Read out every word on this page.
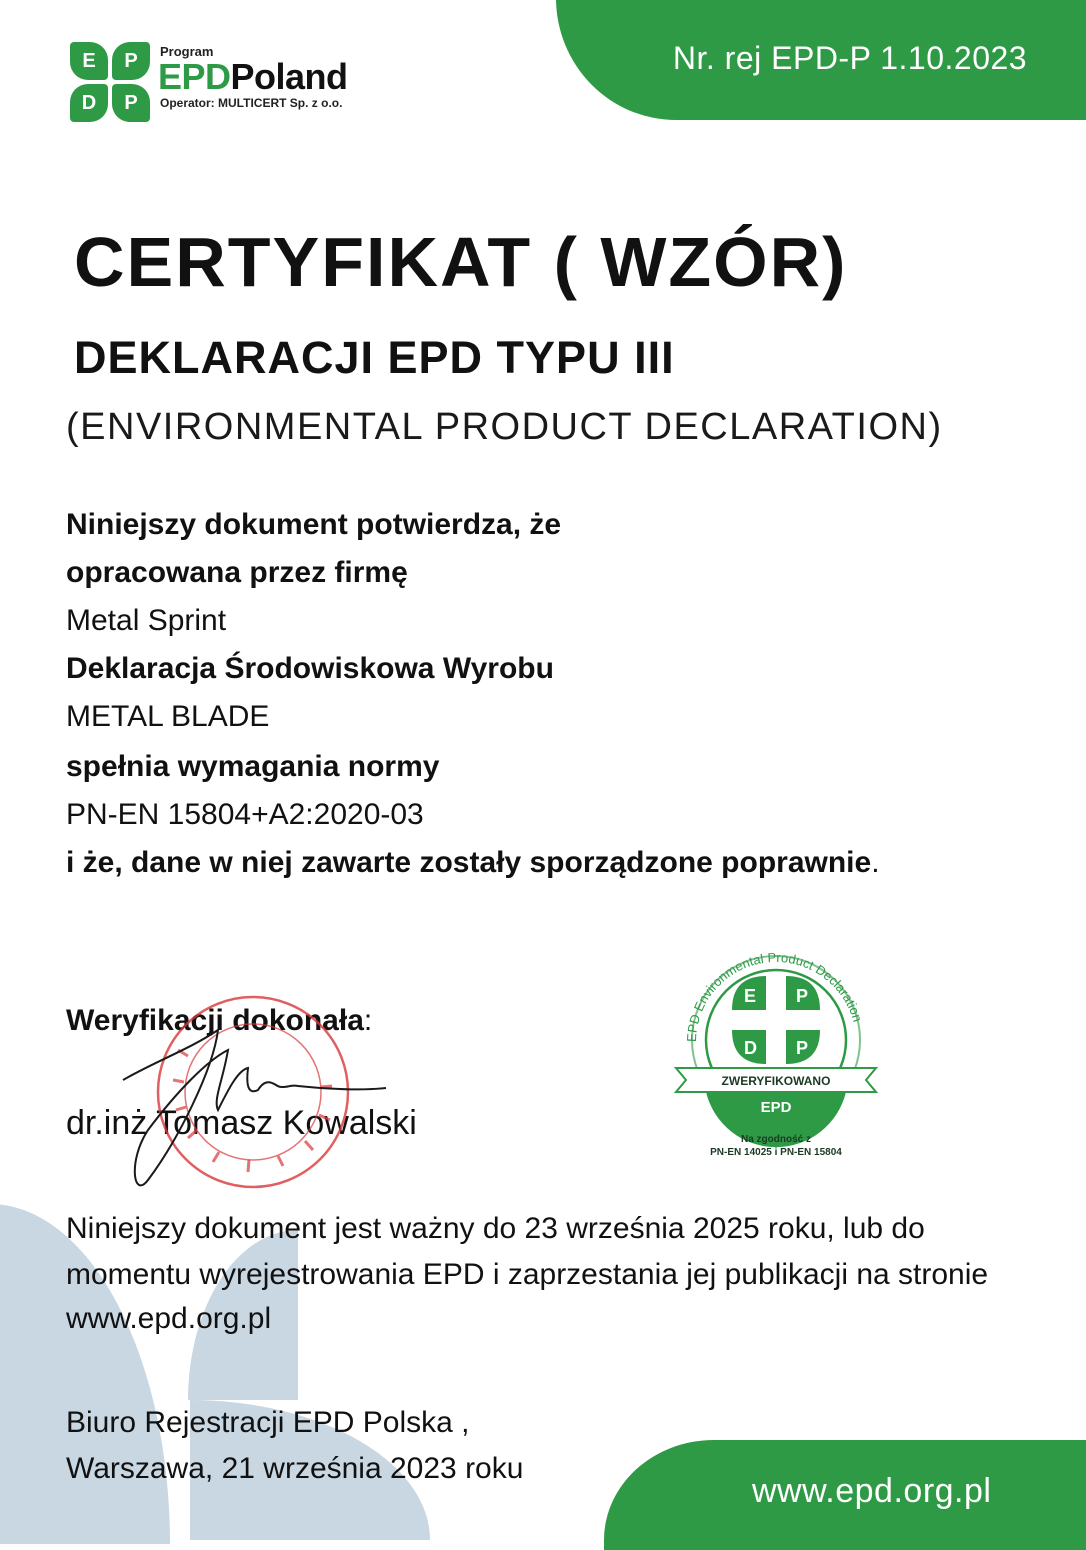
E	P
D	P
Program
EPDPoland
Operator: MULTICERT Sp. z o.o.
Nr. rej EPD-P 1.10.2023
CERTYFIKAT ( WZÓR)
DEKLARACJI EPD TYPU III
(ENVIRONMENTAL PRODUCT DECLARATION)
Niniejszy dokument potwierdza, że
opracowana przez firmę
Metal Sprint
Deklaracja Środowiskowa Wyrobu
METAL BLADE
spełnia wymagania normy
PN-EN 15804+A2:2020-03
i że, dane w niej zawarte zostały sporządzone poprawnie.
Weryfikacji dokonała:
dr.inż Tomasz Kowalski
EPD Environmental Product Declaration
E P
D P
ZWERYFIKOWANO
EPD
Na zgodność z
PN-EN 14025 i PN-EN 15804
Niniejszy dokument jest ważny do 23 września 2025 roku, lub do
momentu wyrejestrowania EPD i zaprzestania jej publikacji na stronie
www.epd.org.pl
Biuro Rejestracji EPD Polska ,
Warszawa, 21 września 2023 roku
www.epd.org.pl
